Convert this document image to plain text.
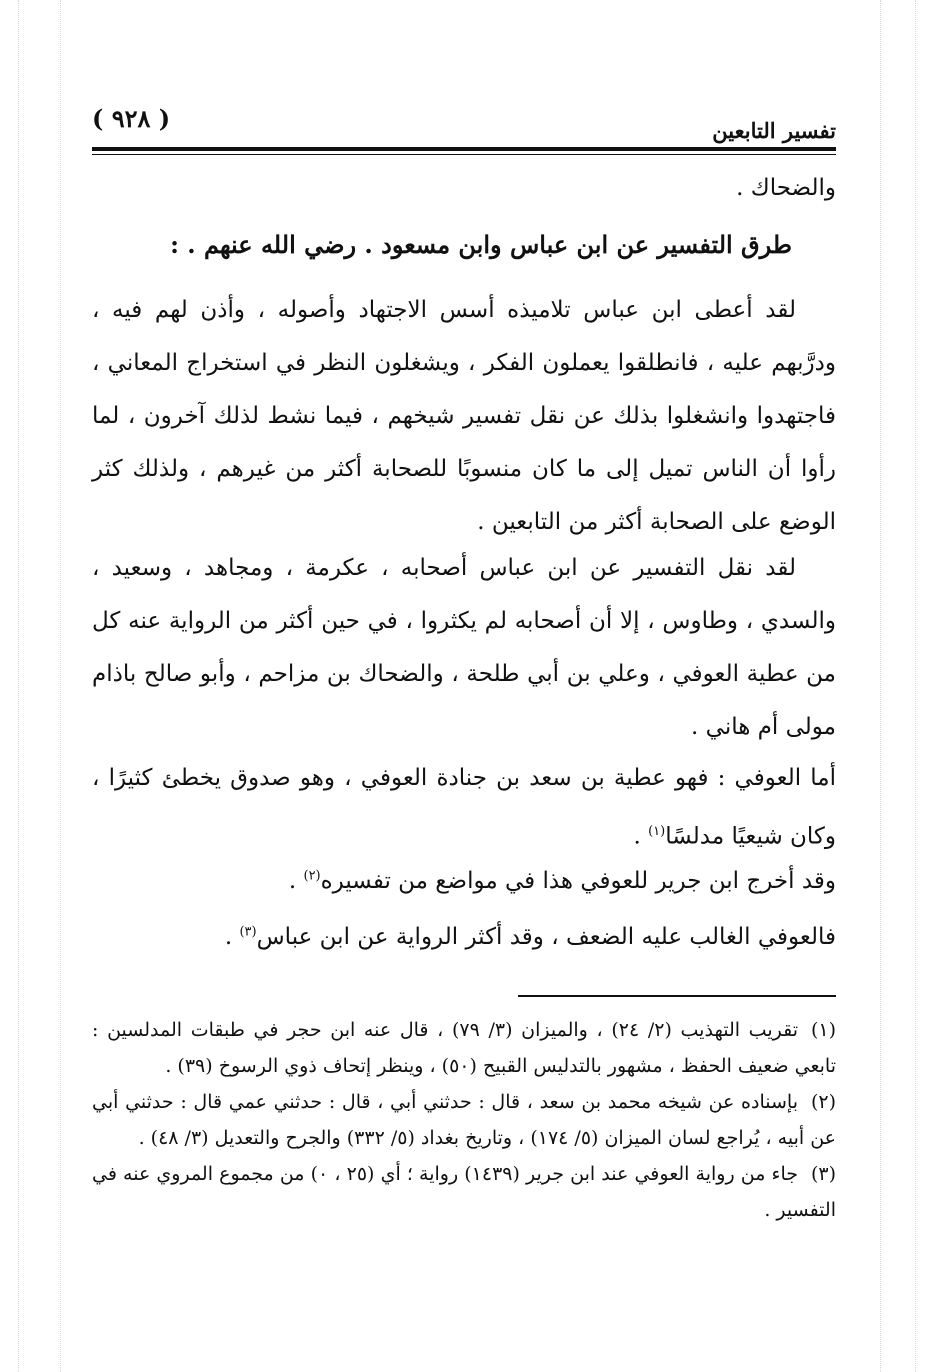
تفسير التابعين
( ٩٢٨ )
والضحاك .
طرق التفسير عن ابن عباس وابن مسعود . رضي الله عنهم . :
لقد أعطى ابن عباس تلاميذه أسس الاجتهاد وأصوله ، وأذن لهم فيه ، ودرَّبهم عليه ، فانطلقوا يعملون الفكر ، ويشغلون النظر في استخراج المعاني ، فاجتهدوا وانشغلوا بذلك عن نقل تفسير شيخهم ، فيما نشط لذلك آخرون ، لما رأوا أن الناس تميل إلى ما كان منسوبًا للصحابة أكثر من غيرهم ، ولذلك كثر الوضع على الصحابة أكثر من التابعين .
لقد نقل التفسير عن ابن عباس أصحابه ، عكرمة ، ومجاهد ، وسعيد ، والسدي ، وطاوس ، إلا أن أصحابه لم يكثروا ، في حين أكثر من الرواية عنه كل من عطية العوفي ، وعلي بن أبي طلحة ، والضحاك بن مزاحم ، وأبو صالح باذام مولى أم هاني .
أما العوفي : فهو عطية بن سعد بن جنادة العوفي ، وهو صدوق يخطئ كثيرًا ، وكان شيعيًا مدلسًا$^{(١)}$ .
وقد أخرج ابن جرير للعوفي هذا في مواضع من تفسيره$^{(٢)}$ .
فالعوفي الغالب عليه الضعف ، وقد أكثر الرواية عن ابن عباس$^{(٣)}$ .
(١)تقريب التهذيب (٢/ ٢٤) ، والميزان (٣/ ٧٩) ، قال عنه ابن حجر في طبقات المدلسين : تابعي ضعيف الحفظ ، مشهور بالتدليس القبيح (٥٠) ، وينظر إتحاف ذوي الرسوخ (٣٩) .
(٢)بإسناده عن شيخه محمد بن سعد ، قال : حدثني أبي ، قال : حدثني عمي قال : حدثني أبي عن أبيه ، يُراجع لسان الميزان (٥/ ١٧٤) ، وتاريخ بغداد (٥/ ٣٣٢) والجرح والتعديل (٣/ ٤٨) .
(٣)جاء من رواية العوفي عند ابن جرير (١٤٣٩) رواية ؛ أي (٢٥ ، ٠) من مجموع المروي عنه في التفسير .
